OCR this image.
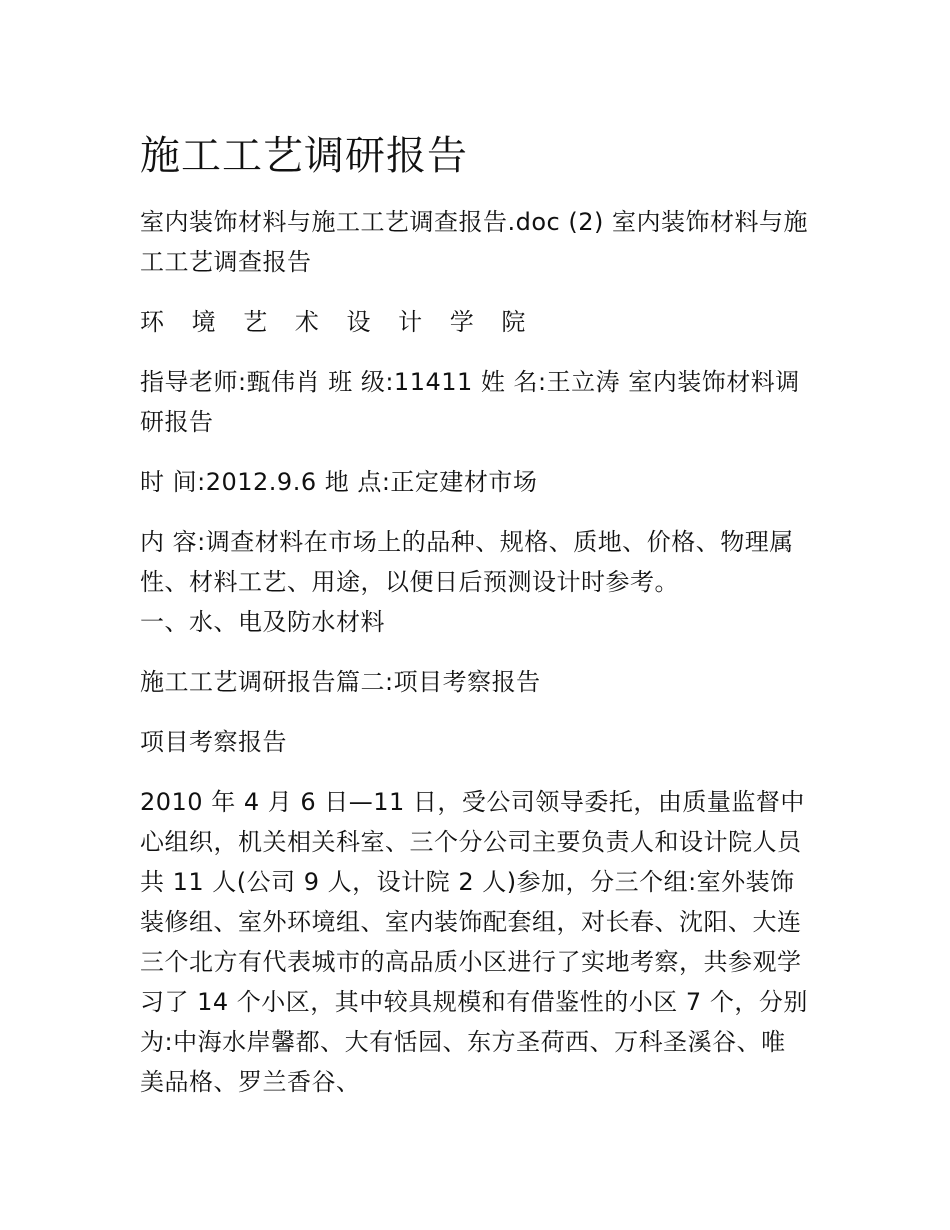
施工工艺调研报告

室内装饰材料与施工工艺调查报告.doc (2) 室内装饰材料与施工工艺调查报告

环 境 艺 术 设 计 学 院

指导老师:甄伟肖 班 级:11411 姓 名:王立涛 室内装饰材料调研报告

时 间:2012.9.6 地 点:正定建材市场

内 容:调查材料在市场上的品种、规格、质地、价格、物理属性、材料工艺、用途，以便日后预测设计时参考。

一、水、电及防水材料

施工工艺调研报告篇二:项目考察报告

项目考察报告

2010 年 4 月 6 日—11 日，受公司领导委托，由质量监督中心组织，机关相关科室、三个分公司主要负责人和设计院人员共 11 人(公司 9 人，设计院 2 人)参加，分三个组:室外装饰装修组、室外环境组、室内装饰配套组，对长春、沈阳、大连三个北方有代表城市的高品质小区进行了实地考察，共参观学习了 14 个小区，其中较具规模和有借鉴性的小区 7 个，分别为:中海水岸馨都、大有恬园、东方圣荷西、万科圣溪谷、唯美品格、罗兰香谷、
